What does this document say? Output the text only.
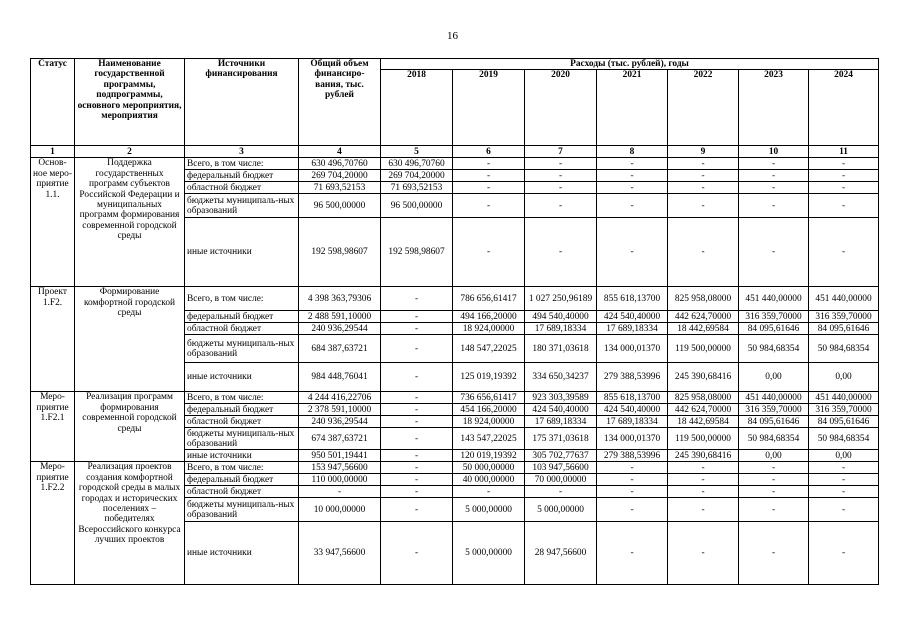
16
Статус	Наименование государственной программы, подпрограммы, основного мероприятия, мероприятия	Источники финансирования	Общий объем финансиро-вания, тыс. рублей	Расходы (тыс. рублей), годы						
				2018	2019	2020	2021	2022	2023	2024
1	2	3	4	5	6	7	8	9	10	11
Основ-ное меро-приятие 1.1.	Поддержка государственных программ субъектов Российской Федерации и муниципальных программ формирования современной городской среды	Всего, в том числе:	630 496,70760	630 496,70760	-	-	-	-	-	-
		федеральный бюджет	269 704,20000	269 704,20000	-	-	-	-	-	-
		областной бюджет	71 693,52153	71 693,52153	-	-	-	-	-	-
		бюджеты муниципаль-ных образований	96 500,00000	96 500,00000	-	-	-	-	-	-
		иные источники	192 598,98607	192 598,98607	-	-	-	-	-	-
Проект 1.F2.	Формирование комфортной городской среды	Всего, в том числе:	4 398 363,79306	-	786 656,61417	1 027 250,96189	855 618,13700	825 958,08000	451 440,00000	451 440,00000
		федеральный бюджет	2 488 591,10000	-	494 166,20000	494 540,40000	424 540,40000	442 624,70000	316 359,70000	316 359,70000
		областной бюджет	240 936,29544	-	18 924,00000	17 689,18334	17 689,18334	18 442,69584	84 095,61646	84 095,61646
		бюджеты муниципаль-ных образований	684 387,63721	-	148 547,22025	180 371,03618	134 000,01370	119 500,00000	50 984,68354	50 984,68354
		иные источники	984 448,76041	-	125 019,19392	334 650,34237	279 388,53996	245 390,68416	0,00	0,00
Меро-приятие 1.F2.1	Реализация программ формирования современной городской среды	Всего, в том числе:	4 244 416,22706	-	736 656,61417	923 303,39589	855 618,13700	825 958,08000	451 440,00000	451 440,00000
		федеральный бюджет	2 378 591,10000	-	454 166,20000	424 540,40000	424 540,40000	442 624,70000	316 359,70000	316 359,70000
		областной бюджет	240 936,29544	-	18 924,00000	17 689,18334	17 689,18334	18 442,69584	84 095,61646	84 095,61646
		бюджеты муниципаль-ных образований	674 387,63721	-	143 547,22025	175 371,03618	134 000,01370	119 500,00000	50 984,68354	50 984,68354
		иные источники	950 501,19441	-	120 019,19392	305 702,77637	279 388,53996	245 390,68416	0,00	0,00
Меро-приятие 1.F2.2	Реализация проектов создания комфортной городской среды в малых городах и исторических поселениях – победителях Всероссийского конкурса лучших проектов	Всего, в том числе:	153 947,56600	-	50 000,00000	103 947,56600	-	-	-	-
		федеральный бюджет	110 000,00000	-	40 000,00000	70 000,00000	-	-	-	-
		областной бюджет	-	-	-	-	-	-	-	-
		бюджеты муниципаль-ных образований	10 000,00000	-	5 000,00000	5 000,00000	-	-	-	-
		иные источники	33 947,56600	-	5 000,00000	28 947,56600	-	-	-	-
